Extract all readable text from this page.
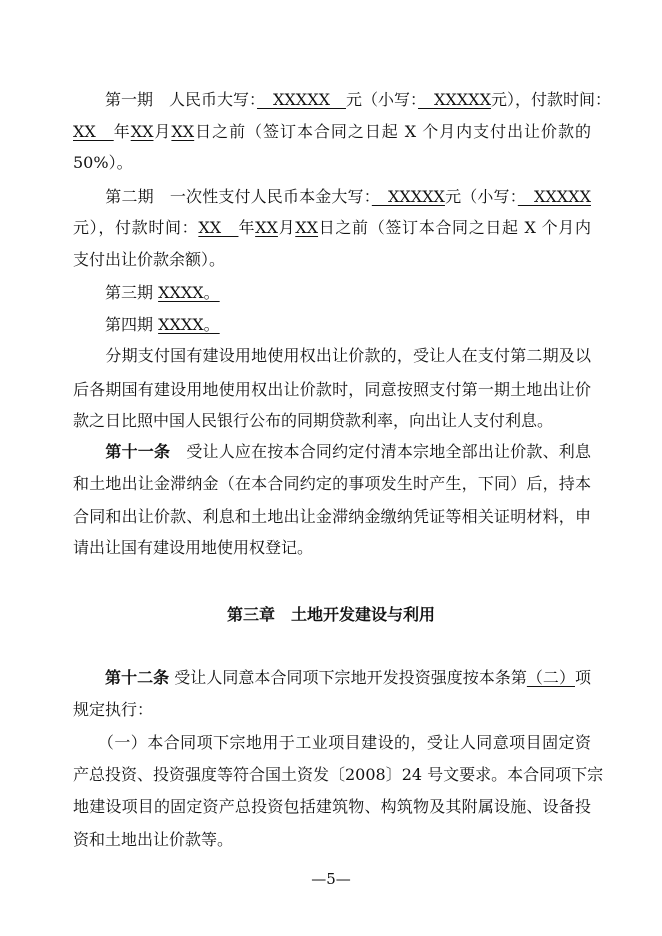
第三章　土地开发建设与利用
—5—
　　第一期　人民币大写：　XXXXX　元（小写：　XXXXX元），付款时间：
XX　年XX月XX日之前（签订本合同之日起 X 个月内支付出让价款的
50%）。
　　第二期　一次性支付人民币本金大写：　XXXXX元（小写：　XXXXX
元），付款时间：XX　年XX月XX日之前（签订本合同之日起 X 个月内
支付出让价款余额）。
　　第三期 XXXX。
　　第四期 XXXX。
　　分期支付国有建设用地使用权出让价款的，受让人在支付第二期及以
后各期国有建设用地使用权出让价款时，同意按照支付第一期土地出让价
款之日比照中国人民银行公布的同期贷款利率，向出让人支付利息。
　　第十一条　受让人应在按本合同约定付清本宗地全部出让价款、利息
和土地出让金滞纳金（在本合同约定的事项发生时产生，下同）后，持本
合同和出让价款、利息和土地出让金滞纳金缴纳凭证等相关证明材料，申
请出让国有建设用地使用权登记。
　　第十二条 受让人同意本合同项下宗地开发投资强度按本条第（二）项
规定执行：
　　（一）本合同项下宗地用于工业项目建设的，受让人同意项目固定资
产总投资、投资强度等符合国土资发〔2008〕24 号文要求。本合同项下宗
地建设项目的固定资产总投资包括建筑物、构筑物及其附属设施、设备投
资和土地出让价款等。
